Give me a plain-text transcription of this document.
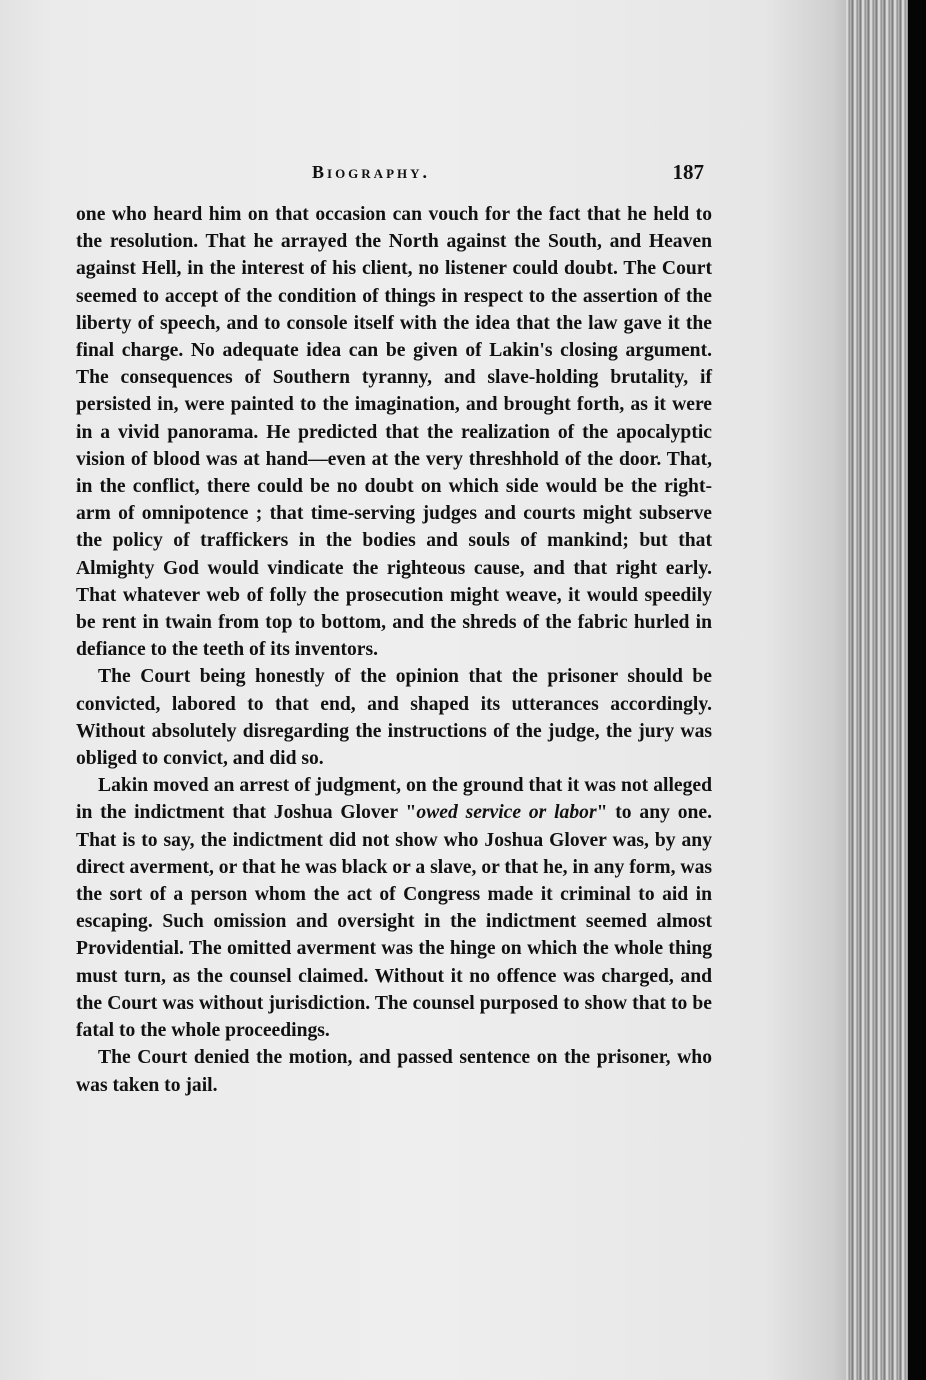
Biography.	187

one who heard him on that occasion can vouch for the fact that he held to the resolution. That he arrayed the North against the South, and Heaven against Hell, in the interest of his client, no listener could doubt. The Court seemed to accept of the condition of things in respect to the assertion of the liberty of speech, and to console itself with the idea that the law gave it the final charge. No adequate idea can be given of Lakin's closing argument. The consequences of Southern tyranny, and slave-holding brutality, if persisted in, were painted to the imagination, and brought forth, as it were in a vivid panorama. He predicted that the realization of the apocalyptic vision of blood was at hand—even at the very threshhold of the door. That, in the conflict, there could be no doubt on which side would be the right-arm of omnipotence ; that time-serving judges and courts might subserve the policy of traffickers in the bodies and souls of mankind; but that Almighty God would vindicate the righteous cause, and that right early. That whatever web of folly the prosecution might weave, it would speedily be rent in twain from top to bottom, and the shreds of the fabric hurled in defiance to the teeth of its inventors.

The Court being honestly of the opinion that the prisoner should be convicted, labored to that end, and shaped its utterances accordingly. Without absolutely disregarding the instructions of the judge, the jury was obliged to convict, and did so.

Lakin moved an arrest of judgment, on the ground that it was not alleged in the indictment that Joshua Glover "owed service or labor" to any one. That is to say, the indictment did not show who Joshua Glover was, by any direct averment, or that he was black or a slave, or that he, in any form, was the sort of a person whom the act of Congress made it criminal to aid in escaping. Such omission and oversight in the indictment seemed almost Providential. The omitted averment was the hinge on which the whole thing must turn, as the counsel claimed. Without it no offence was charged, and the Court was without jurisdiction. The counsel purposed to show that to be fatal to the whole proceedings.

The Court denied the motion, and passed sentence on the prisoner, who was taken to jail.
